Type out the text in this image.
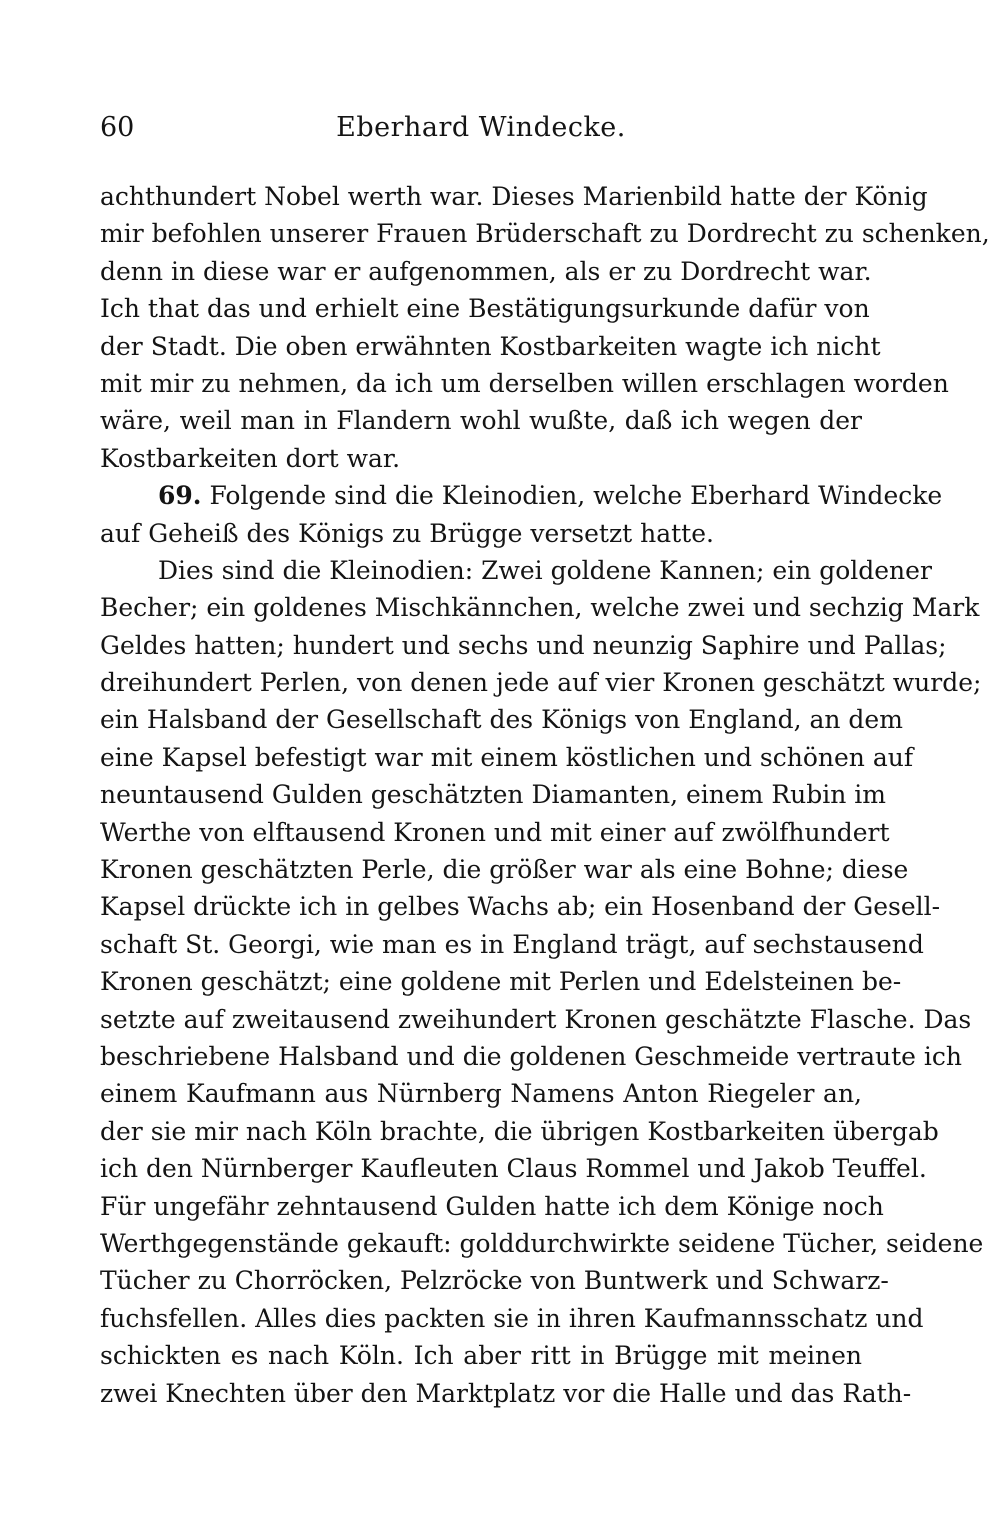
60	Eberhard Windecke.
achthundert Nobel werth war. Dieses Marienbild hatte der König
mir befohlen unserer Frauen Brüderschaft zu Dordrecht zu schenken,
denn in diese war er aufgenommen, als er zu Dordrecht war.
Ich that das und erhielt eine Bestätigungsurkunde dafür von
der Stadt. Die oben erwähnten Kostbarkeiten wagte ich nicht
mit mir zu nehmen, da ich um derselben willen erschlagen worden
wäre, weil man in Flandern wohl wußte, daß ich wegen der
Kostbarkeiten dort war.
69. Folgende sind die Kleinodien, welche Eberhard Windecke
auf Geheiß des Königs zu Brügge versetzt hatte.
Dies sind die Kleinodien: Zwei goldene Kannen; ein goldener
Becher; ein goldenes Mischkännchen, welche zwei und sechzig Mark
Geldes hatten; hundert und sechs und neunzig Saphire und Pallas;
dreihundert Perlen, von denen jede auf vier Kronen geschätzt wurde;
ein Halsband der Gesellschaft des Königs von England, an dem
eine Kapsel befestigt war mit einem köstlichen und schönen auf
neuntausend Gulden geschätzten Diamanten, einem Rubin im
Werthe von elftausend Kronen und mit einer auf zwölfhundert
Kronen geschätzten Perle, die größer war als eine Bohne; diese
Kapsel drückte ich in gelbes Wachs ab; ein Hosenband der Gesell-
schaft St. Georgi, wie man es in England trägt, auf sechstausend
Kronen geschätzt; eine goldene mit Perlen und Edelsteinen be-
setzte auf zweitausend zweihundert Kronen geschätzte Flasche. Das
beschriebene Halsband und die goldenen Geschmeide vertraute ich
einem Kaufmann aus Nürnberg Namens Anton Riegeler an,
der sie mir nach Köln brachte, die übrigen Kostbarkeiten übergab
ich den Nürnberger Kaufleuten Claus Rommel und Jakob Teuffel.
Für ungefähr zehntausend Gulden hatte ich dem Könige noch
Werthgegenstände gekauft: golddurchwirkte seidene Tücher, seidene
Tücher zu Chorröcken, Pelzröcke von Buntwerk und Schwarz-
fuchsfellen. Alles dies packten sie in ihren Kaufmannsschatz und
schickten es nach Köln. Ich aber ritt in Brügge mit meinen
zwei Knechten über den Marktplatz vor die Halle und das Rath-
